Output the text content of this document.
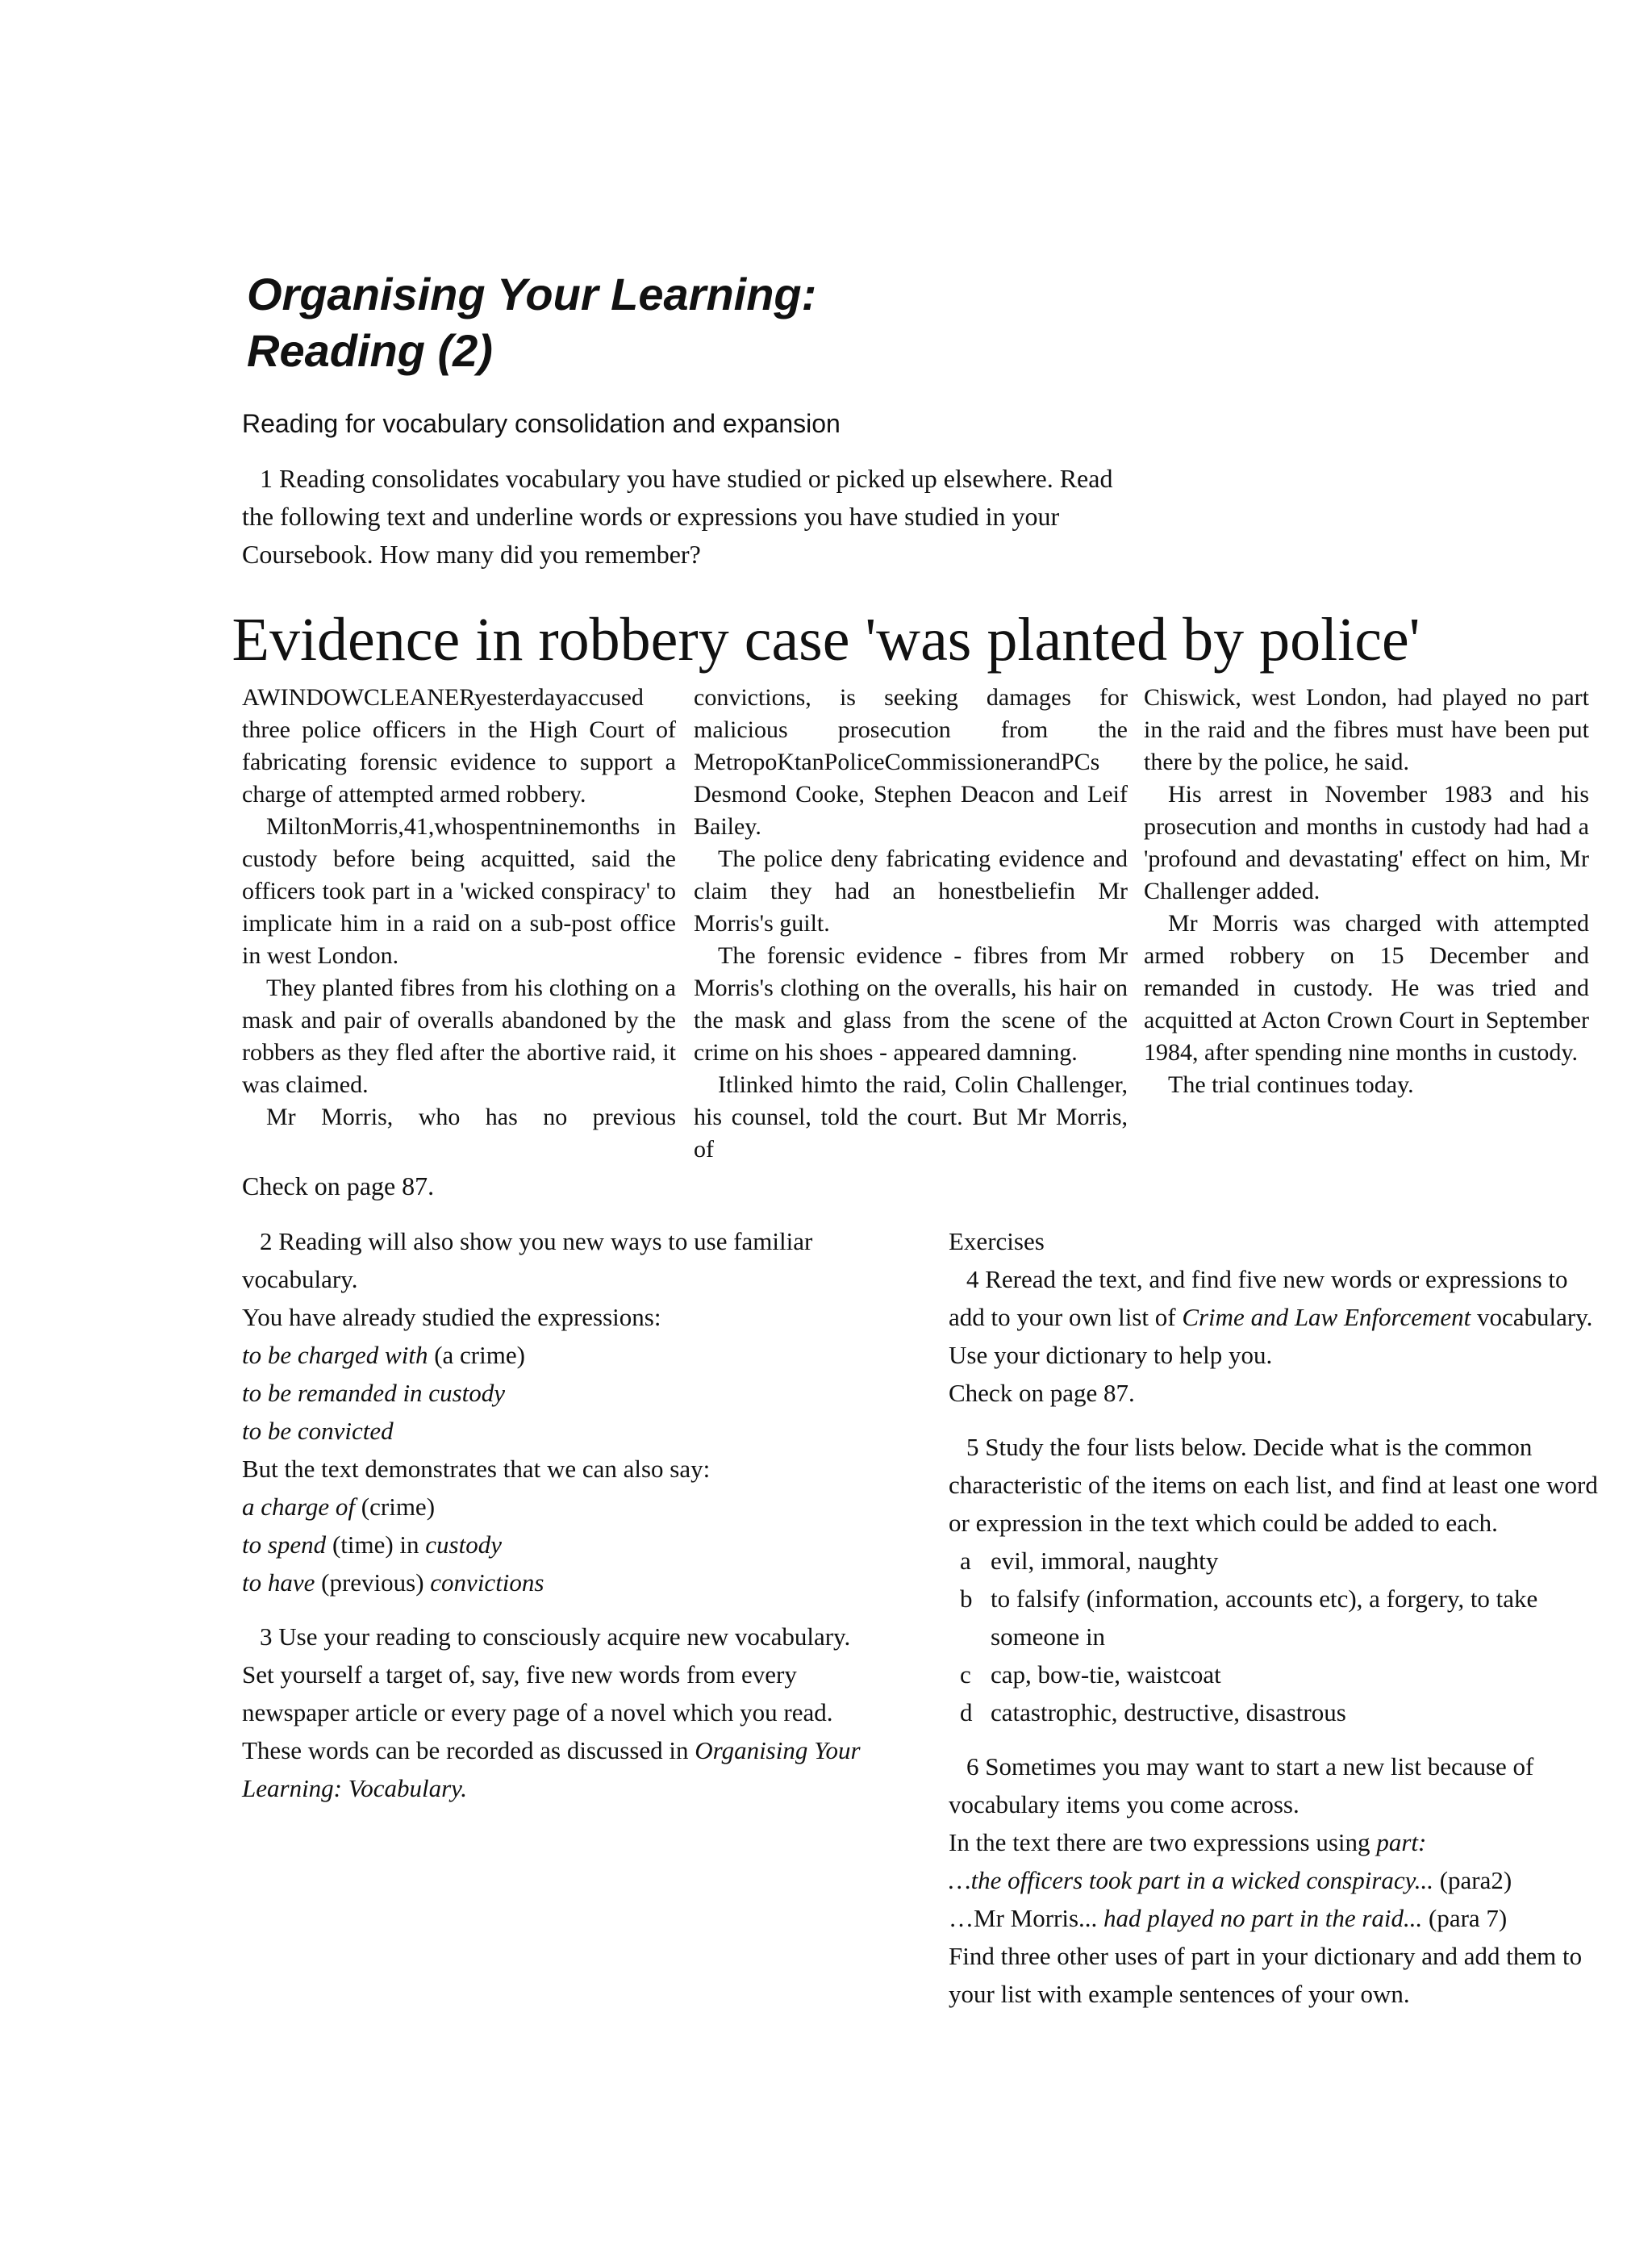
Organising Your Learning:
Reading (2)
Reading for vocabulary consolidation and expansion

1 Reading consolidates vocabulary you have studied or picked up elsewhere. Read the following text and underline words or expressions you have studied in your Coursebook. How many did you remember?

Evidence in robbery case 'was planted by police'

AWINDOWCLEANERyesterdayaccused three police officers in the High Court of fabricating forensic evidence to support a charge of attempted armed robbery.

MiltonMorris,41,whospentninemonths in custody before being acquitted, said the officers took part in a 'wicked conspiracy' to implicate him in a raid on a sub-post office in west London.

They planted fibres from his clothing on a mask and pair of overalls abandoned by the robbers as they fled after the abortive raid, it was claimed.

Mr Morris, who has no previous

convictions, is seeking damages for malicious prosecution from the MetropoKtanPoliceCommissionerandPCs Desmond Cooke, Stephen Deacon and Leif Bailey.

The police deny fabricating evidence and claim they had an honestbeliefin Mr Morris's guilt.

The forensic evidence - fibres from Mr Morris's clothing on the overalls, his hair on the mask and glass from the scene of the crime on his shoes - appeared damning.

Itlinked himto the raid, Colin Challenger, his counsel, told the court. But Mr Morris, of

Chiswick, west London, had played no part in the raid and the fibres must have been put there by the police, he said.

His arrest in November 1983 and his prosecution and months in custody had had a 'profound and devastating' effect on him, Mr Challenger added.

Mr Morris was charged with attempted armed robbery on 15 December and remanded in custody. He was tried and acquitted at Acton Crown Court in September 1984, after spending nine months in custody.

The trial continues today.

Check on page 87.

2 Reading will also show you new ways to use familiar vocabulary.

You have already studied the expressions:

to be charged with (a crime)

to be remanded in custody

to be convicted

But the text demonstrates that we can also say:

a charge of (crime)

to spend (time) in custody

to have (previous) convictions

3 Use your reading to consciously acquire new vocabulary.

Set yourself a target of, say, five new words from every newspaper article or every page of a novel which you read. These words can be recorded as discussed in Organising Your Learning: Vocabulary.

Exercises

4 Reread the text, and find five new words or expressions to add to your own list of Crime and Law Enforcement vocabulary. Use your dictionary to help you.

Check on page 87.

5 Study the four lists below. Decide what is the common characteristic of the items on each list, and find at least one word or expression in the text which could be added to each.

a evil, immoral, naughty
b to falsify (information, accounts etc), a forgery, to take someone in
c cap, bow-tie, waistcoat
d catastrophic, destructive, disastrous

6 Sometimes you may want to start a new list because of vocabulary items you come across.

In the text there are two expressions using part:

…the officers took part in a wicked conspiracy... (para2)

…Mr Morris... had played no part in the raid... (para 7)

Find three other uses of part in your dictionary and add them to your list with example sentences of your own.
